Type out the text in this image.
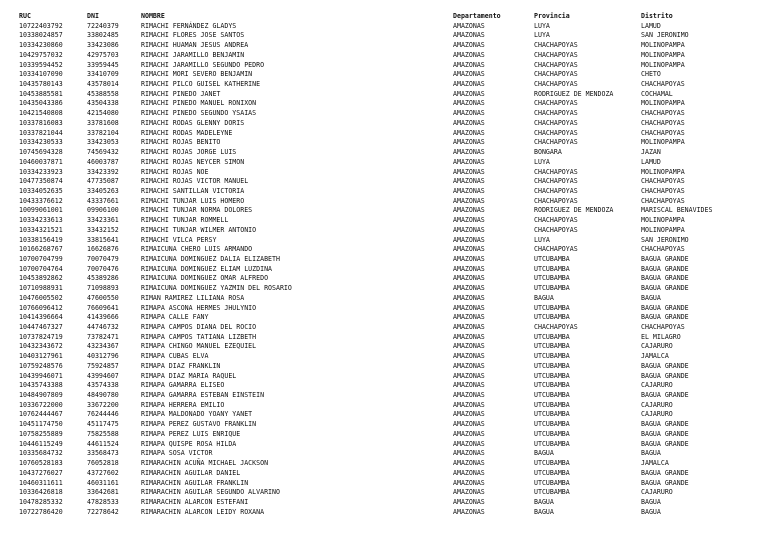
RUC	DNI	NOMBRE	Departamento	Provincia	Distrito
10722403792	72240379	RIMACHI FERNÁNDEZ GLADYS	AMAZONAS	LUYA	LAMUD
10338024857	33802485	RIMACHI FLORES JOSE SANTOS	AMAZONAS	LUYA	SAN JERONIMO
10334230860	33423086	RIMACHI HUAMAN JESUS ANDREA	AMAZONAS	CHACHAPOYAS	MOLINOPAMPA
10429757032	42975703	RIMACHI JARAMILLO BENJAMIN	AMAZONAS	CHACHAPOYAS	MOLINOPAMPA
10339594452	33959445	RIMACHI JARAMILLO SEGUNDO PEDRO	AMAZONAS	CHACHAPOYAS	MOLINOPAMPA
10334107090	33410709	RIMACHI MORI SEVERO BENJAMIN	AMAZONAS	CHACHAPOYAS	CHETO
10435780143	43578014	RIMACHI PILCO GUISEL KATHERINE	AMAZONAS	CHACHAPOYAS	CHACHAPOYAS
10453885581	45388558	RIMACHI PINEDO JANET	AMAZONAS	RODRIGUEZ DE MENDOZA	COCHAMAL
10435043386	43504338	RIMACHI PINEDO MANUEL RONIXON	AMAZONAS	CHACHAPOYAS	MOLINOPAMPA
10421540808	42154080	RIMACHI PINEDO SEGUNDO YSAIAS	AMAZONAS	CHACHAPOYAS	CHACHAPOYAS
10337816083	33781608	RIMACHI RODAS GLENNY DORIS	AMAZONAS	CHACHAPOYAS	CHACHAPOYAS
10337821044	33782104	RIMACHI RODAS MADELEYNE	AMAZONAS	CHACHAPOYAS	CHACHAPOYAS
10334230533	33423053	RIMACHI ROJAS BENITO	AMAZONAS	CHACHAPOYAS	MOLINOPAMPA
10745694328	74569432	RIMACHI ROJAS JORGE LUIS	AMAZONAS	BONGARA	JAZAN
10460037871	46003787	RIMACHI ROJAS NEYCER SIMON	AMAZONAS	LUYA	LAMUD
10334233923	33423392	RIMACHI ROJAS NOE	AMAZONAS	CHACHAPOYAS	MOLINOPAMPA
10477350874	47735087	RIMACHI ROJAS VICTOR MANUEL	AMAZONAS	CHACHAPOYAS	CHACHAPOYAS
10334052635	33405263	RIMACHI SANTILLAN VICTORIA	AMAZONAS	CHACHAPOYAS	CHACHAPOYAS
10433376612	43337661	RIMACHI TUNJAR LUIS HOMERO	AMAZONAS	CHACHAPOYAS	CHACHAPOYAS
10099061001	09906100	RIMACHI TUNJAR NORMA DOLORES	AMAZONAS	RODRIGUEZ DE MENDOZA	MARISCAL BENAVIDES
10334233613	33423361	RIMACHI TUNJAR ROMMELL	AMAZONAS	CHACHAPOYAS	MOLINOPAMPA
10334321521	33432152	RIMACHI TUNJAR WILMER ANTONIO	AMAZONAS	CHACHAPOYAS	MOLINOPAMPA
10338156419	33815641	RIMACHI VILCA PERSY	AMAZONAS	LUYA	SAN JERONIMO
10166268767	16626876	RIMAICUNA CHERO LUIS ARMANDO	AMAZONAS	CHACHAPOYAS	CHACHAPOYAS
10700704799	70070479	RIMAICUNA DOMINGUEZ DALIA ELIZABETH	AMAZONAS	UTCUBAMBA	BAGUA GRANDE
10700704764	70070476	RIMAICUNA DOMINGUEZ ELIAM LUZDINA	AMAZONAS	UTCUBAMBA	BAGUA GRANDE
10453892862	45389286	RIMAICUNA DOMINGUEZ OMAR ALFREDO	AMAZONAS	UTCUBAMBA	BAGUA GRANDE
10710988931	71098893	RIMAICUNA DOMINGUEZ YAZMIN DEL ROSARIO	AMAZONAS	UTCUBAMBA	BAGUA GRANDE
10476005502	47600550	RIMAN RAMIREZ LILIANA ROSA	AMAZONAS	BAGUA	BAGUA
10766096412	76609641	RIMAPA ASCONA HERMES JHULYNIO	AMAZONAS	UTCUBAMBA	BAGUA GRANDE
10414396664	41439666	RIMAPA CALLE FANY	AMAZONAS	UTCUBAMBA	BAGUA GRANDE
10447467327	44746732	RIMAPA CAMPOS DIANA DEL ROCIO	AMAZONAS	CHACHAPOYAS	CHACHAPOYAS
10737824719	73782471	RIMAPA CAMPOS TATIANA LIZBETH	AMAZONAS	UTCUBAMBA	EL MILAGRO
10432343672	43234367	RIMAPA CHINGO MANUEL EZEQUIEL	AMAZONAS	UTCUBAMBA	CAJARURO
10403127961	40312796	RIMAPA CUBAS ELVA	AMAZONAS	UTCUBAMBA	JAMALCA
10759248576	75924857	RIMAPA DIAZ FRANKLIN	AMAZONAS	UTCUBAMBA	BAGUA GRANDE
10439946071	43994607	RIMAPA DIAZ MARIA RAQUEL	AMAZONAS	UTCUBAMBA	BAGUA GRANDE
10435743388	43574338	RIMAPA GAMARRA ELISEO	AMAZONAS	UTCUBAMBA	CAJARURO
10484907809	48490780	RIMAPA GAMARRA ESTEBAN EINSTEIN	AMAZONAS	UTCUBAMBA	BAGUA GRANDE
10336722000	33672200	RIMAPA HERRERA EMILIO	AMAZONAS	UTCUBAMBA	CAJARURO
10762444467	76244446	RIMAPA MALDONADO YOANY YANET	AMAZONAS	UTCUBAMBA	CAJARURO
10451174750	45117475	RIMAPA PEREZ GUSTAVO FRANKLIN	AMAZONAS	UTCUBAMBA	BAGUA GRANDE
10758255889	75825588	RIMAPA PEREZ LUIS ENRIQUE	AMAZONAS	UTCUBAMBA	BAGUA GRANDE
10446115249	44611524	RIMAPA QUISPE ROSA HILDA	AMAZONAS	UTCUBAMBA	BAGUA GRANDE
10335684732	33568473	RIMAPA SOSA VICTOR	AMAZONAS	BAGUA	BAGUA
10760528183	76052818	RIMARACHIN ACUÑA MICHAEL JACKSON	AMAZONAS	UTCUBAMBA	JAMALCA
10437276027	43727602	RIMARACHIN AGUILAR DANIEL	AMAZONAS	UTCUBAMBA	BAGUA GRANDE
10460311611	46031161	RIMARACHIN AGUILAR FRANKLIN	AMAZONAS	UTCUBAMBA	BAGUA GRANDE
10336426818	33642681	RIMARACHIN AGUILAR SEGUNDO ALVARINO	AMAZONAS	UTCUBAMBA	CAJARURO
10478285332	47828533	RIMARACHIN ALARCON ESTEFANI	AMAZONAS	BAGUA	BAGUA
10722786420	72278642	RIMARACHIN ALARCON LEIDY ROXANA	AMAZONAS	BAGUA	BAGUA
